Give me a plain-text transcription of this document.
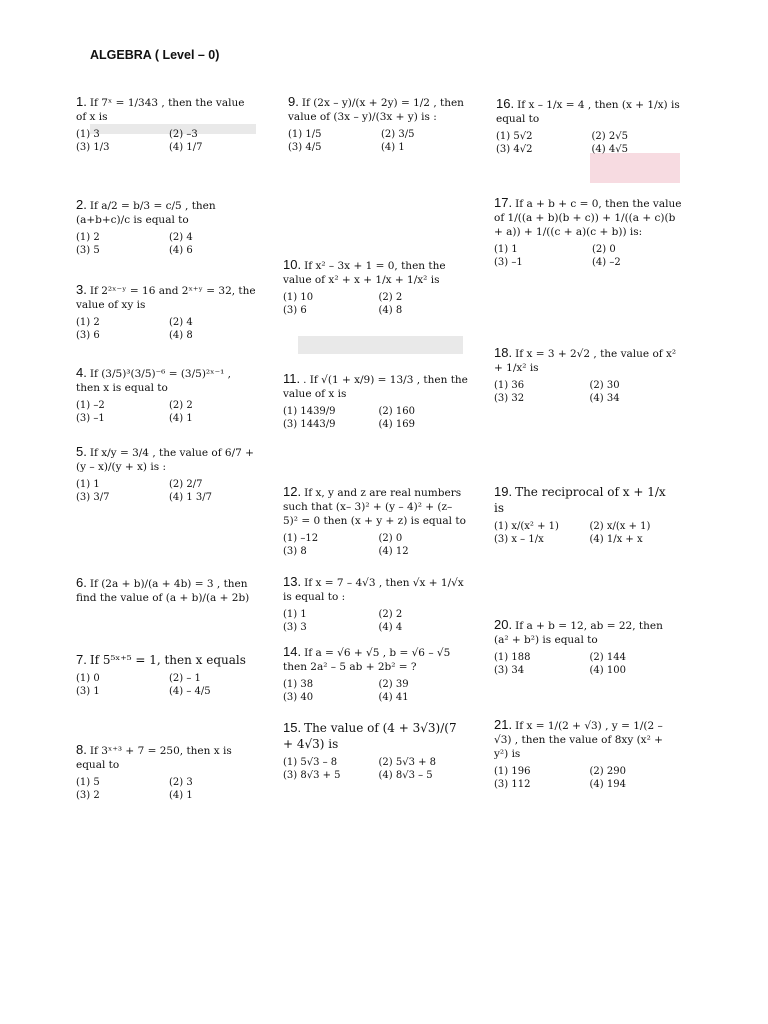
ALGEBRA ( Level – 0)
1. If 7ˣ = 1/343 , then the value of x is
(1) 3	(2) –3
(3) 1/3	(4) 1/7
2. If a/2 = b/3 = c/5 , then (a+b+c)/c is equal to
(1) 2	(2) 4
(3) 5	(4) 6
3. If 2²ˣ⁻ʸ = 16 and 2ˣ⁺ʸ = 32, the value of xy is
(1) 2	(2) 4
(3) 6	(4) 8
4. If (3/5)³(3/5)⁻⁶ = (3/5)²ˣ⁻¹ , then x is equal to
(1) –2	(2) 2
(3) –1	(4) 1
5. If x/y = 3/4 , the value of 6/7 + (y – x)/(y + x) is :
(1) 1	(2) 2/7
(3) 3/7	(4) 1 3/7
6. If (2a + b)/(a + 4b) = 3 , then find the value of (a + b)/(a + 2b)
7. If 5⁵ˣ⁺⁵ = 1, then x equals
(1) 0	(2) – 1
(3) 1	(4) – 4/5
8. If 3ˣ⁺³ + 7 = 250, then x is equal to
(1) 5	(2) 3
(3) 2	(4) 1
9. If (2x – y)/(x + 2y) = 1/2 , then value of (3x – y)/(3x + y) is :
(1) 1/5	(2) 3/5
(3) 4/5	(4) 1
10. If x² – 3x + 1 = 0, then the value of x² + x + 1/x + 1/x² is
(1) 10	(2) 2
(3) 6	(4) 8
11. . If √(1 + x/9) = 13/3 , then the value of x is
(1) 1439/9	(2) 160
(3) 1443/9	(4) 169
12. If x, y and z are real numbers such that (x– 3)² + (y – 4)² + (z– 5)² = 0 then (x + y + z) is equal to
(1) –12	(2) 0
(3) 8	(4) 12
13. If x = 7 – 4√3 , then √x + 1/√x is equal to :
(1) 1	(2) 2
(3) 3	(4) 4
14. If a = √6 + √5 , b = √6 – √5 then 2a² – 5 ab + 2b² = ?
(1) 38	(2) 39
(3) 40	(4) 41
15. The value of (4 + 3√3)/(7 + 4√3) is
(1) 5√3 – 8	(2) 5√3 + 8
(3) 8√3 + 5	(4) 8√3 – 5
16. If x – 1/x = 4 , then (x + 1/x) is equal to
(1) 5√2	(2) 2√5
(3) 4√2	(4) 4√5
17. If a + b + c = 0, then the value of 1/((a + b)(b + c)) + 1/((a + c)(b + a)) + 1/((c + a)(c + b)) is:
(1) 1	(2) 0
(3) –1	(4) –2
18. If x = 3 + 2√2 , the value of x² + 1/x² is
(1) 36	(2) 30
(3) 32	(4) 34
19. The reciprocal of x + 1/x is
(1) x/(x² + 1)	(2) x/(x + 1)
(3) x – 1/x	(4) 1/x + x
20. If a + b = 12, ab = 22, then (a² + b²) is equal to
(1) 188	(2) 144
(3) 34	(4) 100
21. If x = 1/(2 + √3) , y = 1/(2 – √3) , then the value of 8xy (x² + y²) is
(1) 196	(2) 290
(3) 112	(4) 194
